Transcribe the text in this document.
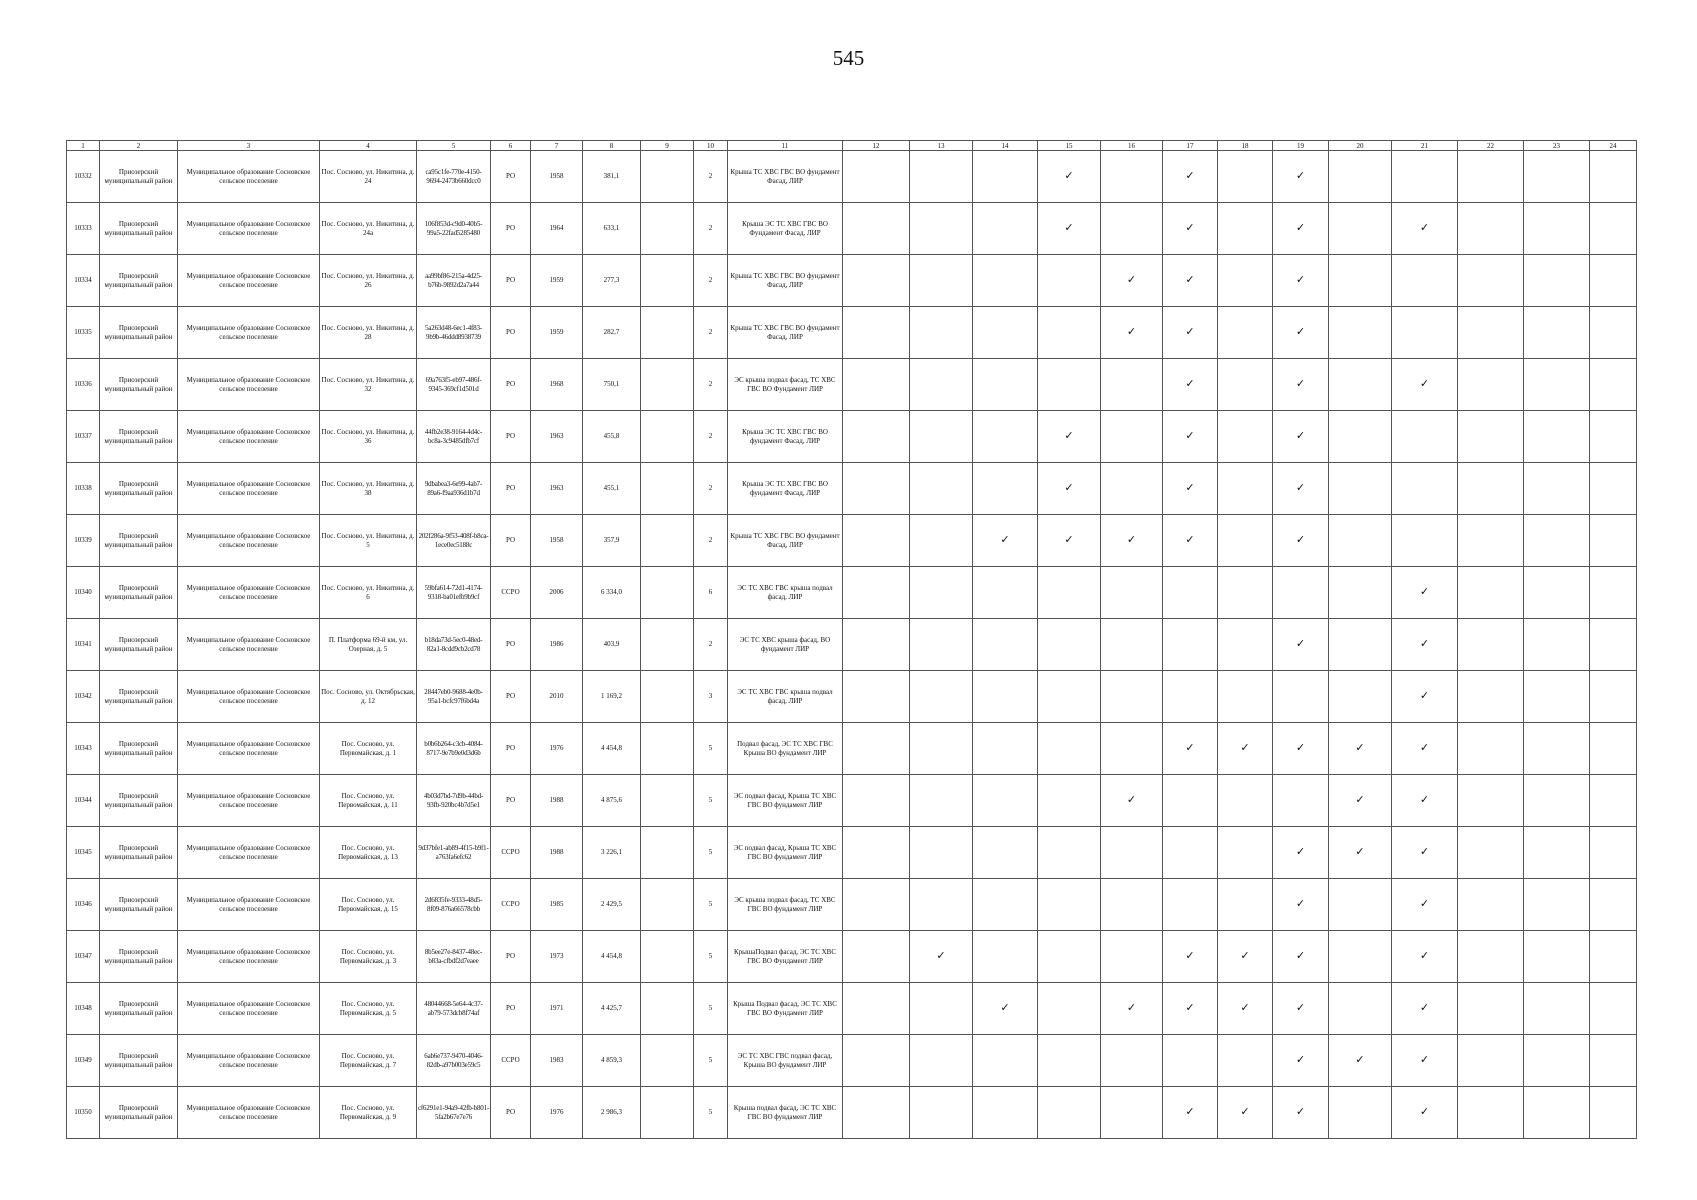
545
1	2	3	4	5	6	7	8	9	10	11	12	13	14	15	16	17	18	19	20	21	22	23	24
10332	Приозерский муниципальный район	Муниципальное образование Сосновское сельское поселение	Пос. Сосново, ул. Никитина, д. 24	ca95c1fe-770e-4150-9694-2473b660dcc0	РО	1958	381,1		2	Крыша ТС ХВС ГВС ВО фундамент Фасад, ЛИР				✓		✓		✓					
10333	Приозерский муниципальный район	Муниципальное образование Сосновское сельское поселение	Пос. Сосново, ул. Никитина, д. 24а	106f853d-c9d0-40b5-99a5-22fad5285480	РО	1964	633,1		2	Крыша ЭС ТС ХВС ГВС ВО Фундамент Фасад, ЛИР				✓		✓		✓		✓			
10334	Приозерский муниципальный район	Муниципальное образование Сосновское сельское поселение	Пос. Сосново, ул. Никитина, д. 26	aa99bf86-215a-4d25-b76b-9892d2a7a44	РО	1959	277,3		2	Крыша ТС ХВС ГВС ВО фундамент Фасад, ЛИР					✓	✓		✓					
10335	Приозерский муниципальный район	Муниципальное образование Сосновское сельское поселение	Пос. Сосново, ул. Никитина, д. 28	5a263d48-6ec1-4f83-9b9b-46ddd8938739	РО	1959	282,7		2	Крыша ТС ХВС ГВС ВО фундамент Фасад, ЛИР					✓	✓		✓					
10336	Приозерский муниципальный район	Муниципальное образование Сосновское сельское поселение	Пос. Сосново, ул. Никитина, д. 32	69a763f5-eb97-486f-9345-369cf1d501d	РО	1968	750,1		2	ЭС крыша подвал фасад, ТС ХВС ГВС ВО Фундамент ЛИР						✓		✓		✓			
10337	Приозерский муниципальный район	Муниципальное образование Сосновское сельское поселение	Пос. Сосново, ул. Никитина, д. 36	44fb2e38-9164-4d4c-bc8a-3c9485dfb7cf	РО	1963	455,8		2	Крыша ЭС ТС ХВС ГВС ВО фундамент Фасад, ЛИР				✓		✓		✓					
10338	Приозерский муниципальный район	Муниципальное образование Сосновское сельское поселение	Пос. Сосново, ул. Никитина, д. 38	9dbabea3-6e99-4ab7-89a6-f9aa936d1b7d	РО	1963	455,1		2	Крыша ЭС ТС ХВС ГВС ВО фундамент Фасад, ЛИР				✓		✓		✓					
10339	Приозерский муниципальный район	Муниципальное образование Сосновское сельское поселение	Пос. Сосново, ул. Никитина, д. 5	202f286a-9f53-408f-b8ca-1ece0ec5188c	РО	1958	357,9		2	Крыша ТС ХВС ГВС ВО фундамент Фасад, ЛИР			✓	✓	✓	✓		✓					
10340	Приозерский муниципальный район	Муниципальное образование Сосновское сельское поселение	Пос. Сосново, ул. Никитина, д. 6	59bfa614-72d1-4174-9318-ba01efb9b9cf	ССРО	2006	6 334,0		6	ЭС ТС ХВС ГВС крыша подвал фасад, ЛИР										✓			
10341	Приозерский муниципальный район	Муниципальное образование Сосновское сельское поселение	П. Платформа 69-й км, ул. Озерная, д. 5	b18da73d-5ec0-48ed-82a1-8cdd9cb2cd78	РО	1986	403,9		2	ЭС ТС ХВС крыша фасад, ВО фундамент ЛИР								✓		✓			
10342	Приозерский муниципальный район	Муниципальное образование Сосновское сельское поселение	Пос. Сосново, ул. Октябрьская, д. 12	28447eb0-9688-4e0b-95a1-bcfc97f6bd4a	РО	2010	1 169,2		3	ЭС ТС ХВС ГВС крыша подвал фасад, ЛИР										✓			
10343	Приозерский муниципальный район	Муниципальное образование Сосновское сельское поселение	Пос. Сосново, ул. Первомайская, д. 1	b0b6b264-c3cb-4084-8717-9e7b9e0d3d6b	РО	1976	4 454,8		5	Подвал фасад, ЭС ТС ХВС ГВС Крыша ВО фундамент ЛИР						✓	✓	✓	✓	✓			
10344	Приозерский муниципальный район	Муниципальное образование Сосновское сельское поселение	Пос. Сосново, ул. Первомайская, д. 11	4b03d7bd-7d9b-44bd-93fb-920bc4b7d5e1	РО	1988	4 875,6		5	ЭС подвал фасад, Крыша ТС ХВС ГВС ВО фундамент ЛИР					✓				✓	✓			
10345	Приозерский муниципальный район	Муниципальное образование Сосновское сельское поселение	Пос. Сосново, ул. Первомайская, д. 13	9d37bfe1-ab89-4f15-b9f1-a763fa6efc62	ССРО	1988	3 226,1		5	ЭС подвал фасад, Крыша ТС ХВС ГВС ВО фундамент ЛИР								✓	✓	✓			
10346	Приозерский муниципальный район	Муниципальное образование Сосновское сельское поселение	Пос. Сосново, ул. Первомайская, д. 15	2d6835fe-9333-48d5-8f09-876a66578cbb	ССРО	1985	2 429,5		5	ЭС крыша подвал фасад, ТС ХВС ГВС ВО фундамент ЛИР								✓		✓			
10347	Приозерский муниципальный район	Муниципальное образование Сосновское сельское поселение	Пос. Сосново, ул. Первомайская, д. 3	8b5ee27e-8437-48ec-b83a-cfbdf2d7eaee	РО	1973	4 454,8		5	КрышаПодвал фасад, ЭС ТС ХВС ГВС ВО Фундамент ЛИР		✓				✓	✓	✓		✓			
10348	Приозерский муниципальный район	Муниципальное образование Сосновское сельское поселение	Пос. Сосново, ул. Первомайская, д. 5	48044668-5e64-4c37-ab79-573dcb8f74af	РО	1971	4 425,7		5	Крыша Подвал фасад, ЭС ТС ХВС ГВС ВО Фундамент ЛИР			✓		✓	✓	✓	✓		✓			
10349	Приозерский муниципальный район	Муниципальное образование Сосновское сельское поселение	Пос. Сосново, ул. Первомайская, д. 7	6ab6e737-9470-4046-82db-a97b003e59c5	ССРО	1983	4 859,3		5	ЭС ТС ХВС ГВС подвал фасад, Крыша ВО фундамент ЛИР								✓	✓	✓			
10350	Приозерский муниципальный район	Муниципальное образование Сосновское сельское поселение	Пос. Сосново, ул. Первомайская, д. 9	cf6291e1-94a9-42fb-b801-5fa2b67e7e76	РО	1976	2 986,3		5	Крыша подвал фасад, ЭС ТС ХВС ГВС ВО фундамент ЛИР						✓	✓	✓		✓			
